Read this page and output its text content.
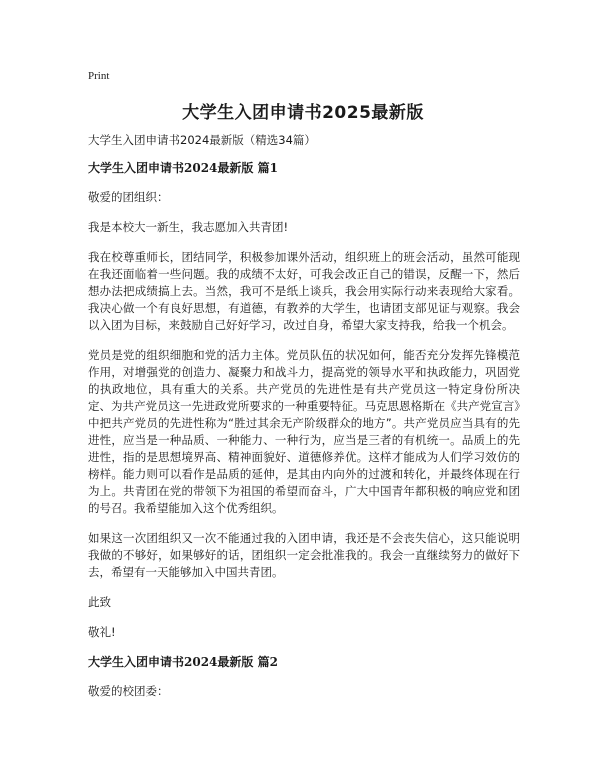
Print
大学生入团申请书2025最新版
大学生入团申请书2024最新版（精选34篇）
大学生入团申请书2024最新版 篇1

敬爱的团组织：

我是本校大一新生，我志愿加入共青团!

我在校尊重师长，团结同学，积极参加课外活动，组织班上的班会活动，虽然可能现在我还面临着一些问题。我的成绩不太好，可我会改正自己的错误，反醒一下，然后想办法把成绩搞上去。当然，我可不是纸上谈兵，我会用实际行动来表现给大家看。我决心做一个有良好思想，有道德，有教养的大学生，也请团支部见证与观察。我会以入团为目标，来鼓励自己好好学习，改过自身，希望大家支持我，给我一个机会。

党员是党的组织细胞和党的活力主体。党员队伍的状况如何，能否充分发挥先锋模范作用，对增强党的创造力、凝聚力和战斗力，提高党的领导水平和执政能力，巩固党的执政地位，具有重大的关系。共产党员的先进性是有共产党员这一特定身份所决定、为共产党员这一先进政党所要求的一种重要特征。马克思恩格斯在《共产党宣言》中把共产党员的先进性称为“胜过其余无产阶级群众的地方”。共产党员应当具有的先进性，应当是一种品质、一种能力、一种行为，应当是三者的有机统一。品质上的先进性，指的是思想境界高、精神面貌好、道德修养优。这样才能成为人们学习效仿的榜样。能力则可以看作是品质的延伸，是其由内向外的过渡和转化，并最终体现在行为上。共青团在党的带领下为祖国的希望而奋斗，广大中国青年都积极的响应党和团的号召。我希望能加入这个优秀组织。

如果这一次团组织又一次不能通过我的入团申请，我还是不会丧失信心，这只能说明我做的不够好，如果够好的话，团组织一定会批准我的。我会一直继续努力的做好下去，希望有一天能够加入中国共青团。

此致

敬礼!

大学生入团申请书2024最新版 篇2

敬爱的校团委：
